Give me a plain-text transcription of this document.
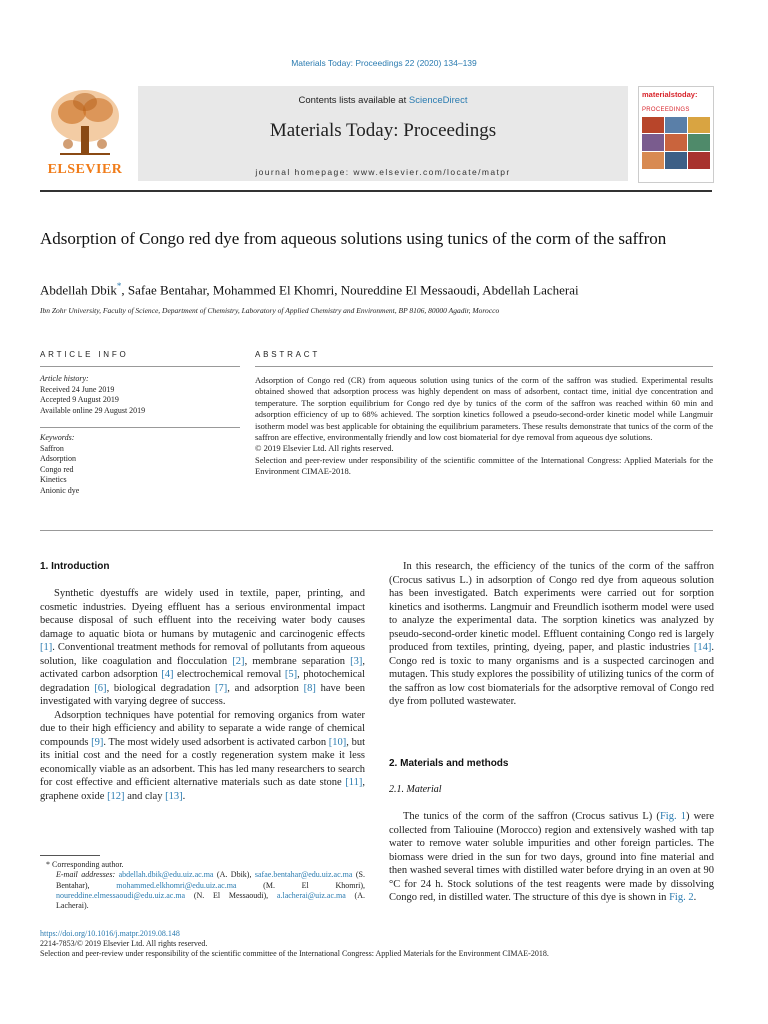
Materials Today: Proceedings 22 (2020) 134–139
ELSEVIER
Contents lists available at ScienceDirect
Materials Today: Proceedings
journal homepage: www.elsevier.com/locate/matpr
materialstoday:
PROCEEDINGS
Adsorption of Congo red dye from aqueous solutions using tunics of the corm of the saffron
Abdellah Dbik*, Safae Bentahar, Mohammed El Khomri, Noureddine El Messaoudi, Abdellah Lacherai
Ibn Zohr University, Faculty of Science, Department of Chemistry, Laboratory of Applied Chemistry and Environment, BP 8106, 80000 Agadir, Morocco
ARTICLE INFO
Article history:
Received 24 June 2019
Accepted 9 August 2019
Available online 29 August 2019
Keywords:
Saffron
Adsorption
Congo red
Kinetics
Anionic dye
ABSTRACT
Adsorption of Congo red (CR) from aqueous solution using tunics of the corm of the saffron was studied. Experimental results obtained showed that adsorption process was highly dependent on mass of adsorbent, contact time, initial dye concentration and temperature. The sorption equilibrium for Congo red dye by tunics of the corm of the saffron was reached within 60 min and adsorption efficiency of up to 68% achieved. The sorption kinetics followed a pseudo-second-order kinetic model while Langmuir isotherm model was best applicable for obtaining the equilibrium parameters. These results demonstrate that tunics of the corm of the saffron are effective, environmentally friendly and low cost biomaterial for dye removal from aqueous dye solutions.
© 2019 Elsevier Ltd. All rights reserved.
Selection and peer-review under responsibility of the scientific committee of the International Congress: Applied Materials for the Environment CIMAE-2018.
1. Introduction

Synthetic dyestuffs are widely used in textile, paper, printing, and cosmetic industries. Dyeing effluent has a serious environmental impact because disposal of such effluent into the receiving water body causes damage to aquatic biota or humans by mutagenic and carcinogenic effects [1]. Conventional treatment methods for removal of pollutants from aqueous solution, like coagulation and flocculation [2], membrane separation [3], activated carbon adsorption [4] electrochemical removal [5], photochemical degradation [6], biological degradation [7], and adsorption [8] have been investigated with varying degree of success.

Adsorption techniques have potential for removing organics from water due to their high efficiency and ability to separate a wide range of chemical compounds [9]. The most widely used adsorbent is activated carbon [10], but its initial cost and the need for a costly regeneration system make it less economically viable as an adsorbent. This has led many researchers to search for cost effective and efficient alternative materials such as date stone [11], graphene oxide [12] and clay [13].

* Corresponding author.
E-mail addresses: abdellah.dbik@edu.uiz.ac.ma (A. Dbik), safae.bentahar@edu.uiz.ac.ma (S. Bentahar), mohammed.elkhomri@edu.uiz.ac.ma (M. El Khomri), noureddine.elmessaoudi@edu.uiz.ac.ma (N. El Messaoudi), a.lacherai@uiz.ac.ma (A. Lacherai).

In this research, the efficiency of the tunics of the corm of the saffron (Crocus sativus L.) in adsorption of Congo red dye from aqueous solution has been investigated. Batch experiments were carried out for sorption kinetics and isotherms. Langmuir and Freundlich isotherm model were used to analyze the experimental data. The sorption kinetics was analyzed by pseudo-second-order kinetic model. Effluent containing Congo red is largely produced from textiles, printing, dyeing, paper, and plastic industries [14]. Congo red is toxic to many organisms and is a suspected carcinogen and mutagen. This study explores the possibility of utilizing tunics of the corm of the saffron as low cost biomaterials for the adsorptive removal of Congo red dye from polluted wastewater.

2. Materials and methods
2.1. Material

The tunics of the corm of the saffron (Crocus sativus L) (Fig. 1) were collected from Taliouine (Morocco) region and extensively washed with tap water to remove water soluble impurities and other foreign particles. The biomass were dried in the sun for two days, ground into fine material and then washed several times with distilled water before drying in an oven at 90 °C for 24 h. Stock solutions of the test reagents were made by dissolving Congo red, in distilled water. The structure of this dye is shown in Fig. 2.

https://doi.org/10.1016/j.matpr.2019.08.148
2214-7853/© 2019 Elsevier Ltd. All rights reserved.
Selection and peer-review under responsibility of the scientific committee of the International Congress: Applied Materials for the Environment CIMAE-2018.
